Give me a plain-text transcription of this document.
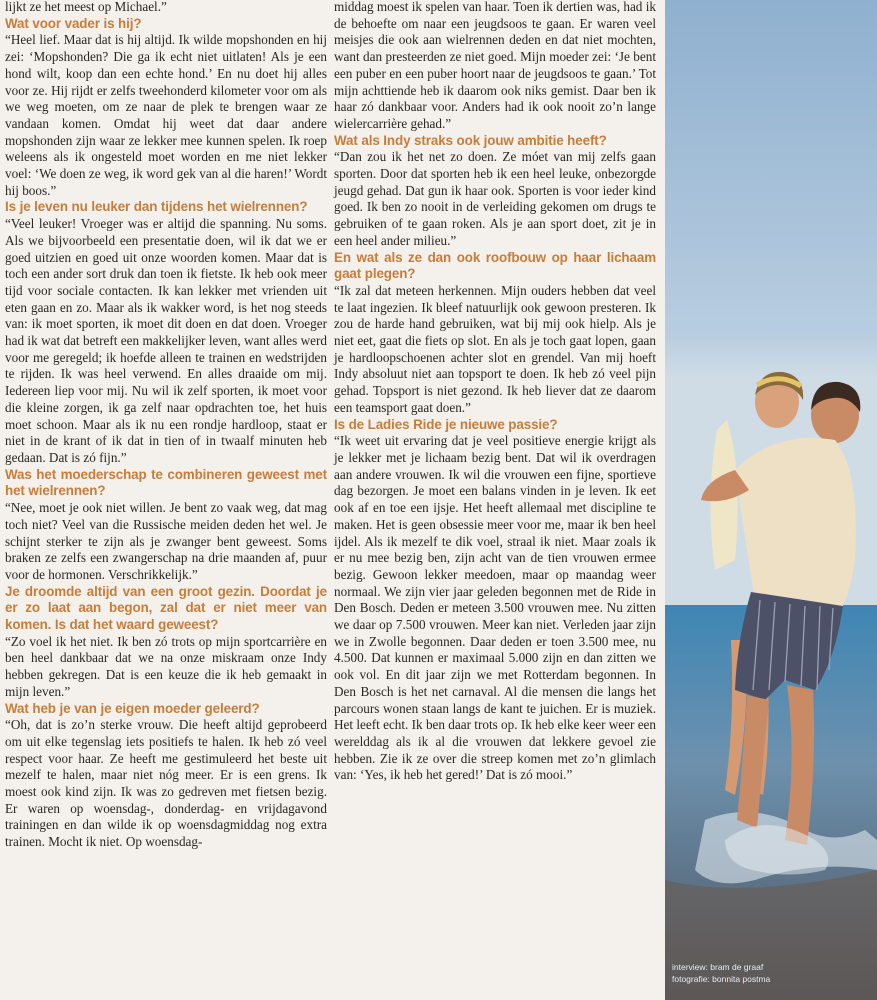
lijkt ze het meest op Michael.”

Wat voor vader is hij?

“Heel lief. Maar dat is hij altijd. Ik wilde mopshonden en hij zei: ‘Mopshonden? Die ga ik echt niet uitlaten! Als je een hond wilt, koop dan een echte hond.’ En nu doet hij alles voor ze. Hij rijdt er zelfs tweehonderd kilometer voor om als we weg moeten, om ze naar de plek te brengen waar ze vandaan komen. Omdat hij weet dat daar andere mopshonden zijn waar ze lekker mee kunnen spelen. Ik roep weleens als ik ongesteld moet worden en me niet lekker voel: ‘We doen ze weg, ik word gek van al die haren!’ Wordt hij boos.”

Is je leven nu leuker dan tijdens het wielrennen?

“Veel leuker! Vroeger was er altijd die spanning. Nu soms. Als we bijvoorbeeld een presentatie doen, wil ik dat we er goed uitzien en goed uit onze woorden komen. Maar dat is toch een ander sort druk dan toen ik fietste. Ik heb ook meer tijd voor sociale contacten. Ik kan lekker met vrienden uit eten gaan en zo. Maar als ik wakker word, is het nog steeds van: ik moet sporten, ik moet dit doen en dat doen. Vroeger had ik wat dat betreft een makkelijker leven, want alles werd voor me geregeld; ik hoefde alleen te trainen en wedstrijden te rijden. Ik was heel verwend. En alles draaide om mij. Iedereen liep voor mij. Nu wil ik zelf sporten, ik moet voor die kleine zorgen, ik ga zelf naar opdrachten toe, het huis moet schoon. Maar als ik nu een rondje hardloop, staat er niet in de krant of ik dat in tien of in twaalf minuten heb gedaan. Dat is zó fijn.”

Was het moederschap te combineren geweest met het wielrennen?

“Nee, moet je ook niet willen. Je bent zo vaak weg, dat mag toch niet? Veel van die Russische meiden deden het wel. Je schijnt sterker te zijn als je zwanger bent geweest. Soms braken ze zelfs een zwangerschap na drie maanden af, puur voor de hormonen. Verschrikkelijk.”

Je droomde altijd van een groot gezin. Doordat je er zo laat aan begon, zal dat er niet meer van komen. Is dat het waard geweest?

“Zo voel ik het niet. Ik ben zó trots op mijn sportcarrière en ben heel dankbaar dat we na onze miskraam onze Indy hebben gekregen. Dat is een keuze die ik heb gemaakt in mijn leven.”

Wat heb je van je eigen moeder geleerd?

“Oh, dat is zo’n sterke vrouw. Die heeft altijd geprobeerd om uit elke tegenslag iets positiefs te halen. Ik heb zó veel respect voor haar. Ze heeft me gestimuleerd het beste uit mezelf te halen, maar niet nóg meer. Er is een grens. Ik moest ook kind zijn. Ik was zo gedreven met fietsen bezig. Er waren op woensdag-, donderdag- en vrijdagavond trainingen en dan wilde ik op woensdagmiddag nog extra trainen. Mocht ik niet. Op woensdag-

middag moest ik spelen van haar. Toen ik dertien was, had ik de behoefte om naar een jeugdsoos te gaan. Er waren veel meisjes die ook aan wielrennen deden en dat niet mochten, want dan presteerden ze niet goed. Mijn moeder zei: ‘Je bent een puber en een puber hoort naar de jeugdsoos te gaan.’ Tot mijn achttiende heb ik daarom ook niks gemist. Daar ben ik haar zó dankbaar voor. Anders had ik ook nooit zo’n lange wielercarrière gehad.”

Wat als Indy straks ook jouw ambitie heeft?

“Dan zou ik het net zo doen. Ze móet van mij zelfs gaan sporten. Door dat sporten heb ik een heel leuke, onbezorgde jeugd gehad. Dat gun ik haar ook. Sporten is voor ieder kind goed. Ik ben zo nooit in de verleiding gekomen om drugs te gebruiken of te gaan roken. Als je aan sport doet, zit je in een heel ander milieu.”

En wat als ze dan ook roofbouw op haar lichaam gaat plegen?

“Ik zal dat meteen herkennen. Mijn ouders hebben dat veel te laat ingezien. Ik bleef natuurlijk ook gewoon presteren. Ik zou de harde hand gebruiken, wat bij mij ook hielp. Als je niet eet, gaat die fiets op slot. En als je toch gaat lopen, gaan je hardloopschoenen achter slot en grendel. Van mij hoeft Indy absoluut niet aan topsport te doen. Ik heb zó veel pijn gehad. Topsport is niet gezond. Ik heb liever dat ze daarom een teamsport gaat doen.”

Is de Ladies Ride je nieuwe passie?

“Ik weet uit ervaring dat je veel positieve energie krijgt als je lekker met je lichaam bezig bent. Dat wil ik overdragen aan andere vrouwen. Ik wil die vrouwen een fijne, sportieve dag bezorgen. Je moet een balans vinden in je leven. Ik eet ook af en toe een ijsje. Het heeft allemaal met discipline te maken. Het is geen obsessie meer voor me, maar ik ben heel ijdel. Als ik mezelf te dik voel, straal ik niet. Maar zoals ik er nu mee bezig ben, zijn acht van de tien vrouwen ermee bezig. Gewoon lekker meedoen, maar op maandag weer normaal. We zijn vier jaar geleden begonnen met de Ride in Den Bosch. Deden er meteen 3.500 vrouwen mee. Nu zitten we daar op 7.500 vrouwen. Meer kan niet. Verleden jaar zijn we in Zwolle begonnen. Daar deden er toen 3.500 mee, nu 4.500. Dat kunnen er maximaal 5.000 zijn en dan zitten we ook vol. En dit jaar zijn we met Rotterdam begonnen. In Den Bosch is het net carnaval. Al die mensen die langs het parcours wonen staan langs de kant te juichen. Er is muziek. Het leeft echt. Ik ben daar trots op. Ik heb elke keer weer een werelddag als ik al die vrouwen dat lekkere gevoel zie hebben. Zie ik ze over die streep komen met zo’n glimlach van: ‘Yes, ik heb het gered!’ Dat is zó mooi.”

interview: bram de graaf
fotografie: bonnita postma
